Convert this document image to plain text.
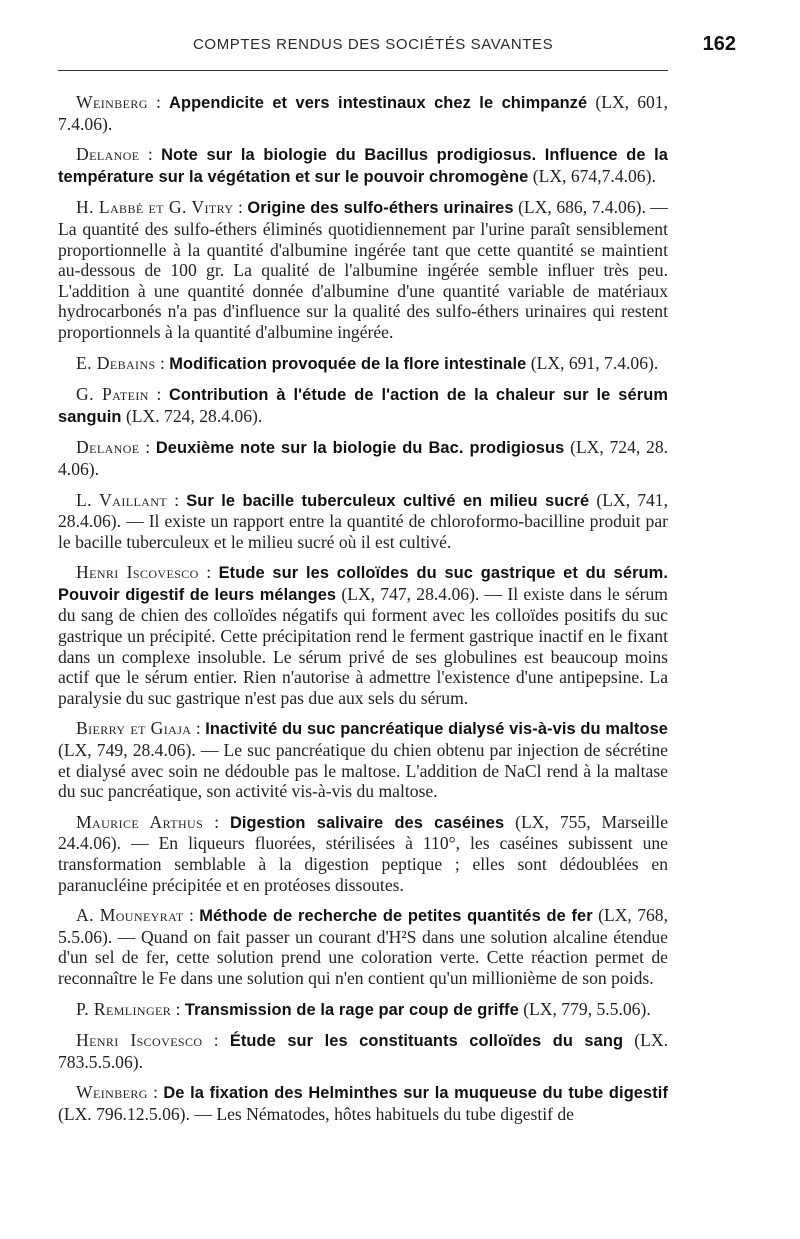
COMPTES RENDUS DES SOCIÉTÉS SAVANTES	162

Weinberg : Appendicite et vers intestinaux chez le chimpanzé (LX, 601, 7.4.06).

Delanoe : Note sur la biologie du Bacillus prodigiosus. Influence de la température sur la végétation et sur le pouvoir chromogène (LX, 674,7.4.06).

H. Labbé et G. Vitry : Origine des sulfo-éthers urinaires (LX, 686, 7.4.06). — La quantité des sulfo-éthers éliminés quotidiennement par l'urine paraît sensiblement proportionnelle à la quantité d'albumine ingérée tant que cette quantité se maintient au-dessous de 100 gr. La qualité de l'albumine ingérée semble influer très peu. L'addition à une quantité donnée d'albumine d'une quantité variable de matériaux hydrocarbonés n'a pas d'influence sur la qualité des sulfo-éthers urinaires qui restent proportionnels à la quantité d'albumine ingérée.

E. Debains : Modification provoquée de la flore intestinale (LX, 691, 7.4.06).

G. Patein : Contribution à l'étude de l'action de la chaleur sur le sérum sanguin (LX. 724, 28.4.06).

Delanoe : Deuxième note sur la biologie du Bac. prodigiosus (LX, 724, 28. 4.06).

L. Vaillant : Sur le bacille tuberculeux cultivé en milieu sucré (LX, 741, 28.4.06). — Il existe un rapport entre la quantité de chloroformo-bacilline produit par le bacille tuberculeux et le milieu sucré où il est cultivé.

Henri Iscovesco : Etude sur les colloïdes du suc gastrique et du sérum. Pouvoir digestif de leurs mélanges (LX, 747, 28.4.06). — Il existe dans le sérum du sang de chien des colloïdes négatifs qui forment avec les colloïdes positifs du suc gastrique un précipité. Cette précipitation rend le ferment gastrique inactif en le fixant dans un complexe insoluble. Le sérum privé de ses globulines est beaucoup moins actif que le sérum entier. Rien n'autorise à admettre l'existence d'une antipepsine. La paralysie du suc gastrique n'est pas due aux sels du sérum.

Bierry et Giaja : Inactivité du suc pancréatique dialysé vis-à-vis du maltose (LX, 749, 28.4.06). — Le suc pancréatique du chien obtenu par injection de sécrétine et dialysé avec soin ne dédouble pas le maltose. L'addition de NaCl rend à la maltase du suc pancréatique, son activité vis-à-vis du maltose.

Maurice Arthus : Digestion salivaire des caséines (LX, 755, Marseille 24.4.06). — En liqueurs fluorées, stérilisées à 110°, les caséines subissent une transformation semblable à la digestion peptique ; elles sont dédoublées en paranucléine précipitée et en protéoses dissoutes.

A. Mouneyrat : Méthode de recherche de petites quantités de fer (LX, 768, 5.5.06). — Quand on fait passer un courant d'H²S dans une solution alcaline étendue d'un sel de fer, cette solution prend une coloration verte. Cette réaction permet de reconnaître le Fe dans une solution qui n'en contient qu'un millionième de son poids.

P. Remlinger : Transmission de la rage par coup de griffe (LX, 779, 5.5.06).

Henri Iscovesco : Étude sur les constituants colloïdes du sang (LX. 783.5.5.06).

Weinberg : De la fixation des Helminthes sur la muqueuse du tube digestif (LX. 796.12.5.06). — Les Nématodes, hôtes habituels du tube digestif de
